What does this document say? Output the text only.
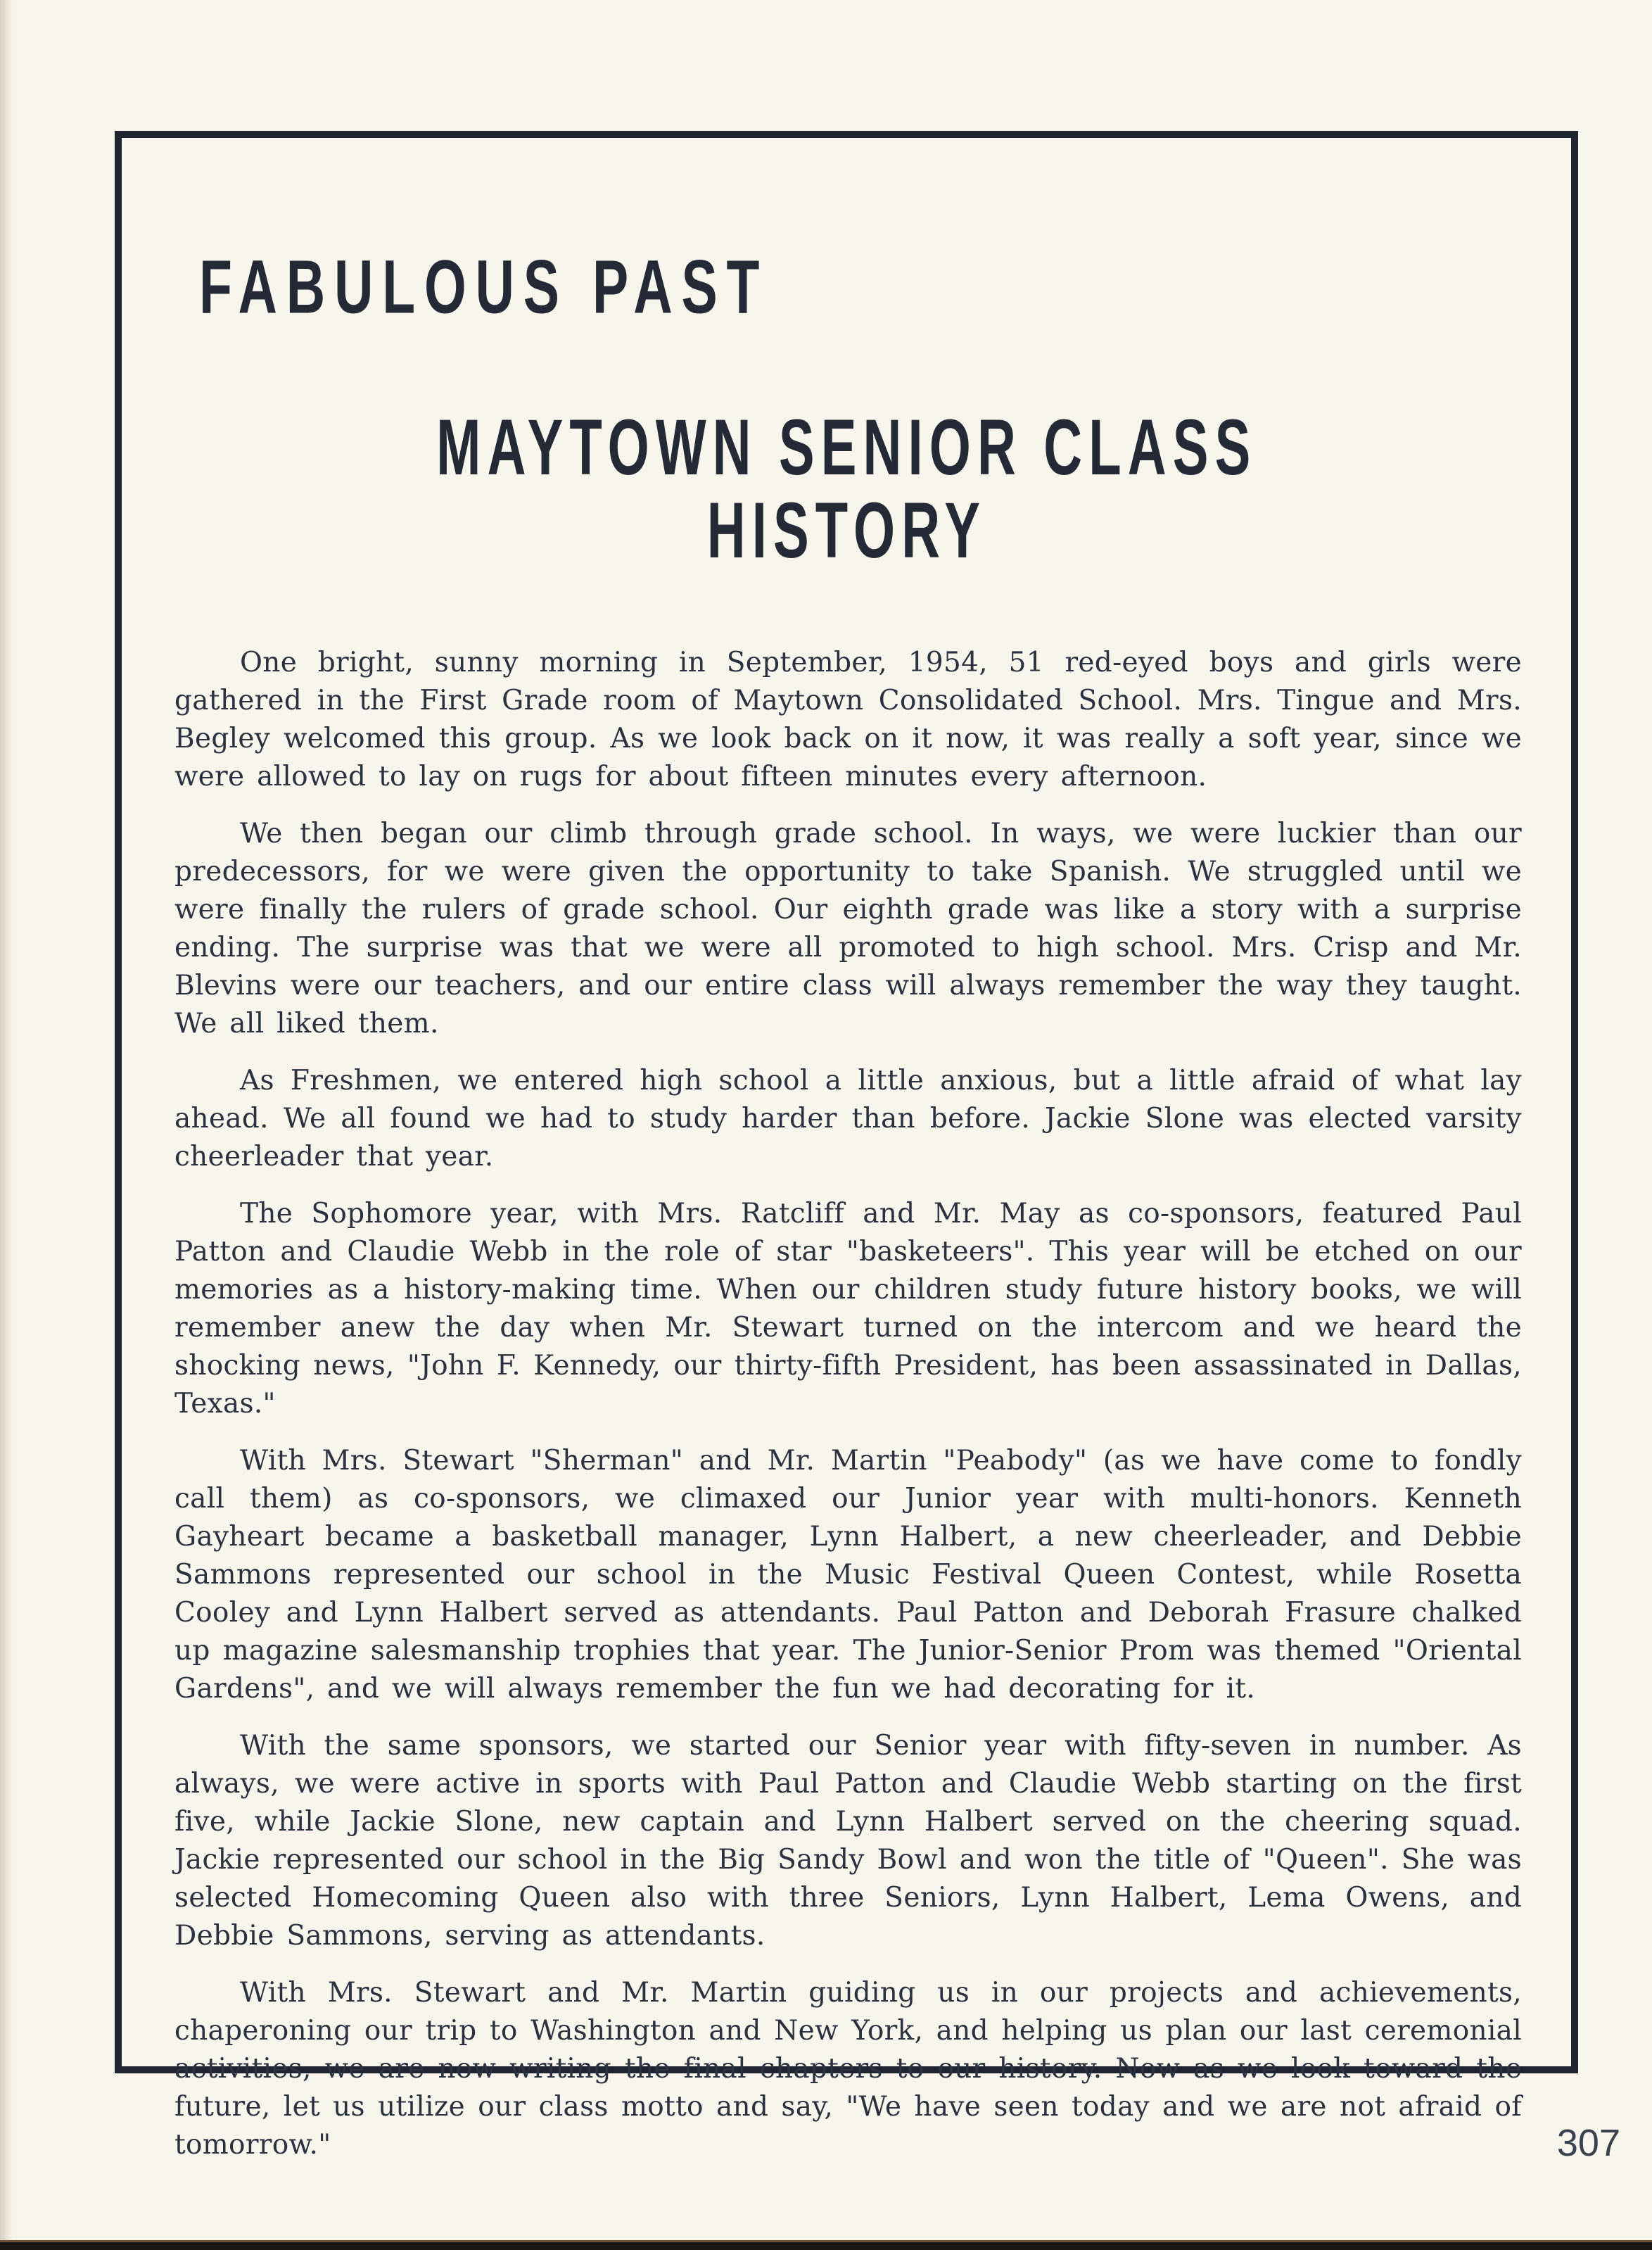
FABULOUS PAST
MAYTOWN SENIOR CLASS
HISTORY

One bright, sunny morning in September, 1954, 51 red-eyed boys and girls were gathered in the First Grade room of Maytown Consolidated School. Mrs. Tingue and Mrs. Begley welcomed this group. As we look back on it now, it was really a soft year, since we were allowed to lay on rugs for about fifteen minutes every afternoon.

We then began our climb through grade school. In ways, we were luckier than our predecessors, for we were given the opportunity to take Spanish. We struggled until we were finally the rulers of grade school. Our eighth grade was like a story with a surprise ending. The surprise was that we were all promoted to high school. Mrs. Crisp and Mr. Blevins were our teachers, and our entire class will always remember the way they taught. We all liked them.

As Freshmen, we entered high school a little anxious, but a little afraid of what lay ahead. We all found we had to study harder than before. Jackie Slone was elected varsity cheerleader that year.

The Sophomore year, with Mrs. Ratcliff and Mr. May as co-sponsors, featured Paul Patton and Claudie Webb in the role of star "basketeers". This year will be etched on our memories as a history-making time. When our children study future history books, we will remember anew the day when Mr. Stewart turned on the intercom and we heard the shocking news, "John F. Kennedy, our thirty-fifth President, has been assassinated in Dallas, Texas."

With Mrs. Stewart "Sherman" and Mr. Martin "Peabody" (as we have come to fondly call them) as co-sponsors, we climaxed our Junior year with multi-honors. Kenneth Gayheart became a basketball manager, Lynn Halbert, a new cheerleader, and Debbie Sammons represented our school in the Music Festival Queen Contest, while Rosetta Cooley and Lynn Halbert served as attendants. Paul Patton and Deborah Frasure chalked up magazine salesmanship trophies that year. The Junior-Senior Prom was themed "Oriental Gardens", and we will always remember the fun we had decorating for it.

With the same sponsors, we started our Senior year with fifty-seven in number. As always, we were active in sports with Paul Patton and Claudie Webb starting on the first five, while Jackie Slone, new captain and Lynn Halbert served on the cheering squad. Jackie represented our school in the Big Sandy Bowl and won the title of "Queen". She was selected Homecoming Queen also with three Seniors, Lynn Halbert, Lema Owens, and Debbie Sammons, serving as attendants.

With Mrs. Stewart and Mr. Martin guiding us in our projects and achievements, chaperoning our trip to Washington and New York, and helping us plan our last ceremonial activities, we are now writing the final chapters to our history. Now as we look toward the future, let us utilize our class motto and say, "We have seen today and we are not afraid of tomorrow."	307
